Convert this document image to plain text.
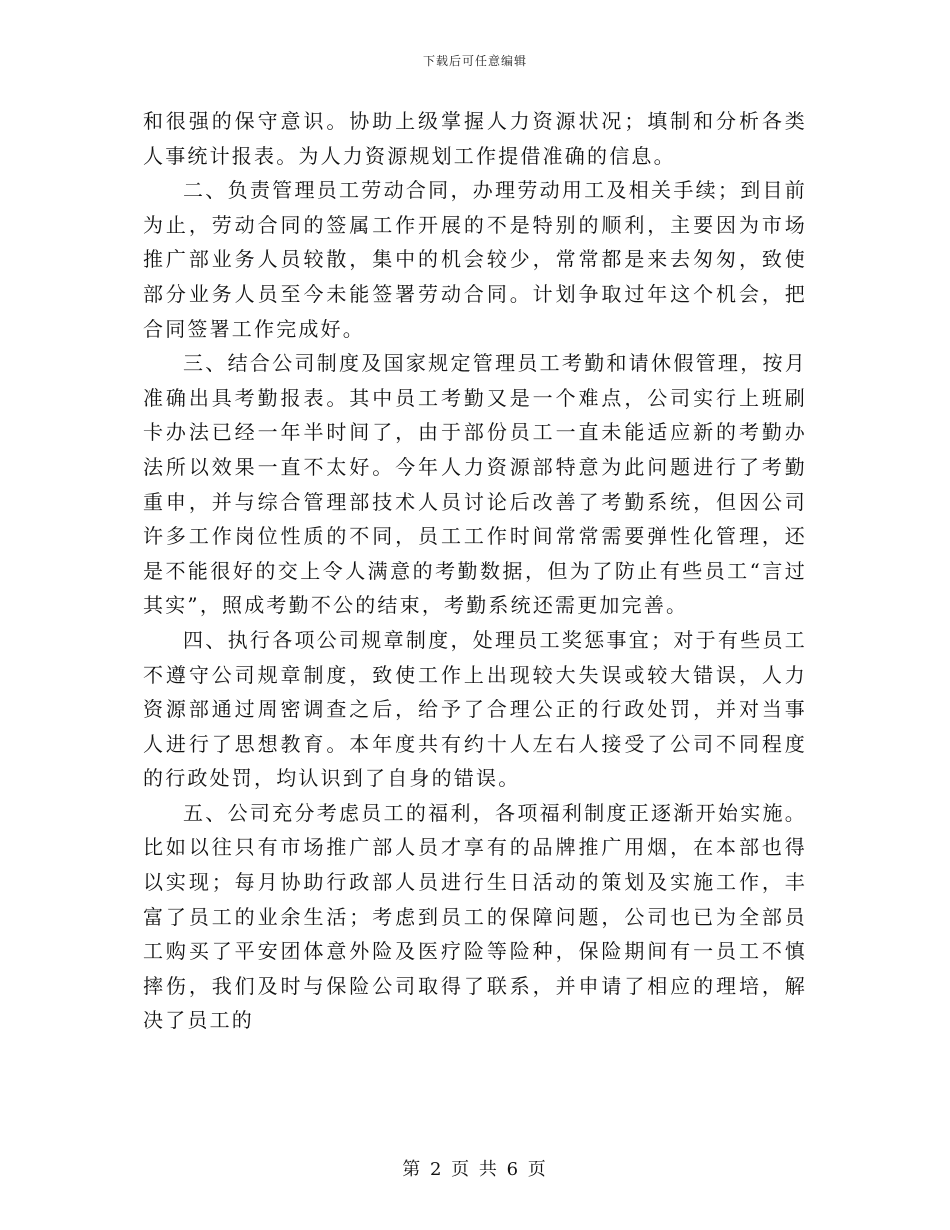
下载后可任意编辑

和很强的保守意识。协助上级掌握人力资源状况；填制和分析各类人事统计报表。为人力资源规划工作提借准确的信息。

二、负责管理员工劳动合同，办理劳动用工及相关手续；到目前为止，劳动合同的签属工作开展的不是特别的顺利，主要因为市场推广部业务人员较散，集中的机会较少，常常都是来去匆匆，致使部分业务人员至今未能签署劳动合同。计划争取过年这个机会，把合同签署工作完成好。

三、结合公司制度及国家规定管理员工考勤和请休假管理，按月准确出具考勤报表。其中员工考勤又是一个难点，公司实行上班刷卡办法已经一年半时间了，由于部份员工一直未能适应新的考勤办法所以效果一直不太好。今年人力资源部特意为此问题进行了考勤重申，并与综合管理部技术人员讨论后改善了考勤系统，但因公司许多工作岗位性质的不同，员工工作时间常常需要弹性化管理，还是不能很好的交上令人满意的考勤数据，但为了防止有些员工“言过其实”，照成考勤不公的结束，考勤系统还需更加完善。

四、执行各项公司规章制度，处理员工奖惩事宜；对于有些员工不遵守公司规章制度，致使工作上出现较大失误或较大错误，人力资源部通过周密调查之后，给予了合理公正的行政处罚，并对当事人进行了思想教育。本年度共有约十人左右人接受了公司不同程度的行政处罚，均认识到了自身的错误。

五、公司充分考虑员工的福利，各项福利制度正逐渐开始实施。比如以往只有市场推广部人员才享有的品牌推广用烟，在本部也得以实现；每月协助行政部人员进行生日活动的策划及实施工作，丰富了员工的业余生活；考虑到员工的保障问题，公司也已为全部员工购买了平安团体意外险及医疗险等险种，保险期间有一员工不慎摔伤，我们及时与保险公司取得了联系，并申请了相应的理培，解决了员工的

第 2 页 共 6 页
